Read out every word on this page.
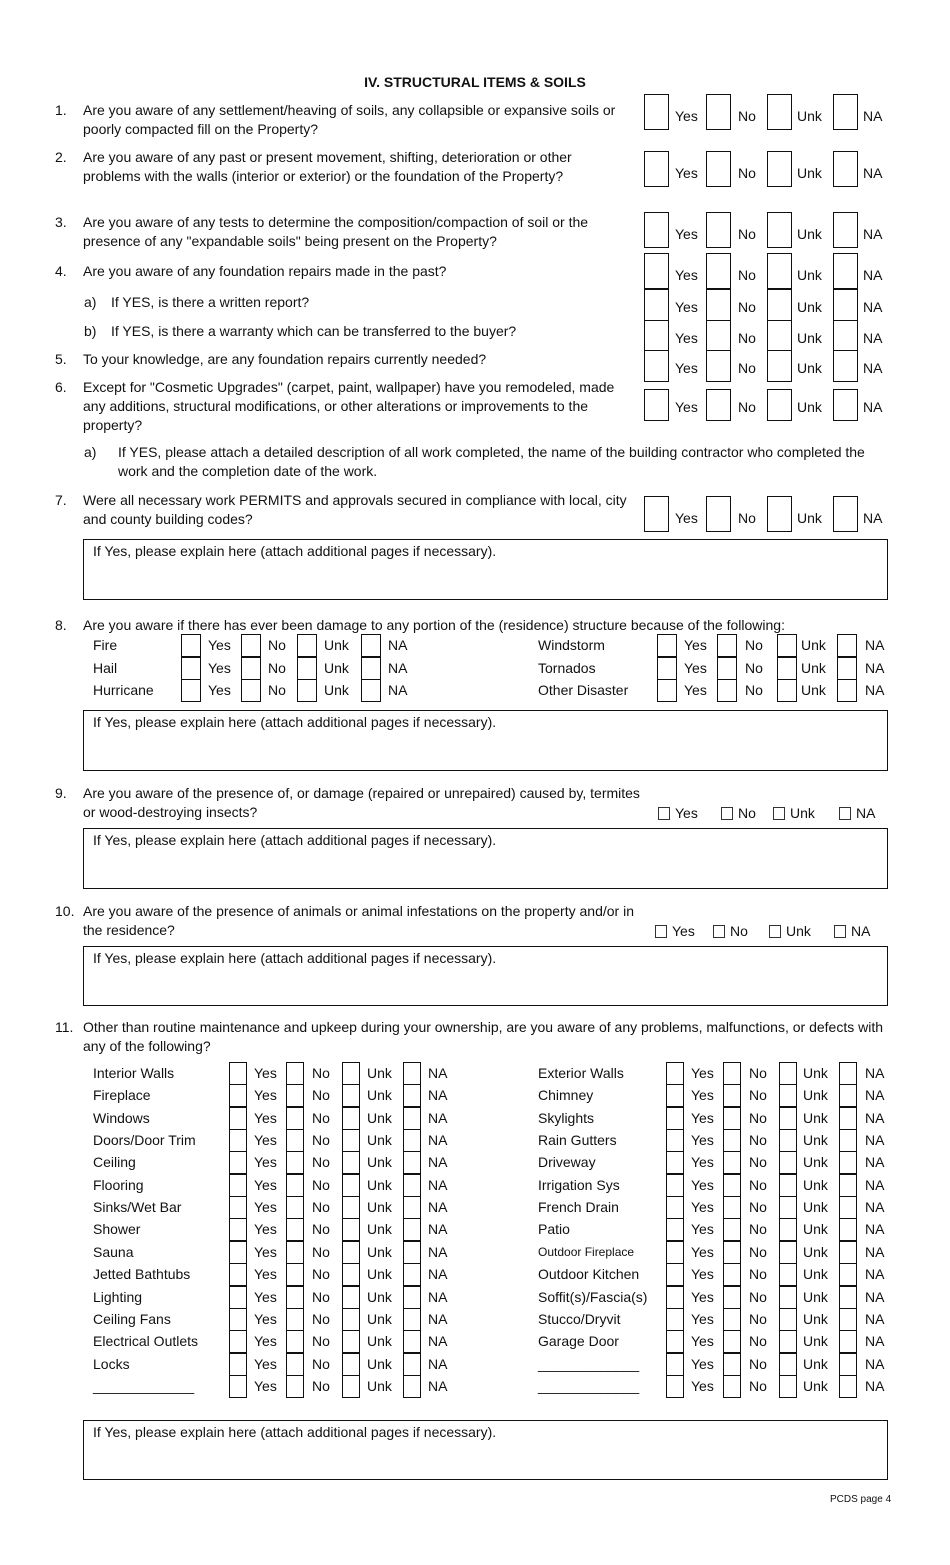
IV. STRUCTURAL ITEMS & SOILS
1. Are you aware of any settlement/heaving of soils, any collapsible or expansive soils or poorly compacted fill on the Property?
Yes	No	Unk	NA
2. Are you aware of any past or present movement, shifting, deterioration or other problems with the walls (interior or exterior) or the foundation of the Property?	Yes	No	Unk	NA
3. Are you aware of any tests to determine the composition/compaction of soil or the presence of any "expandable soils" being present on the Property?	Yes	No	Unk	NA
4. Are you aware of any foundation repairs made in the past?	Yes	No	Unk	NA
a) If YES, is there a written report?	Yes	No	Unk	NA
b) If YES, is there a warranty which can be transferred to the buyer?	Yes	No	Unk	NA
5. To your knowledge, are any foundation repairs currently needed?
Yes	No	Unk	NA
6. Except for "Cosmetic Upgrades" (carpet, paint, wallpaper) have you remodeled, made any additions, structural modifications, or other alterations or improvements to the property?
Yes	No	Unk	NA
7. Were all necessary work PERMITS and approvals secured in compliance with local, city and county building codes?	Yes	No	Unk	NA
a) If YES, please attach a detailed description of all work completed, the name of the building contractor who completed the work and the completion date of the work.
If Yes, please explain here (attach additional pages if necessary).
8. Are you aware if there has ever been damage to any portion of the (residence) structure because of the following:
Fire	Yes	No	Unk	NA
Hail	Yes	No	Unk	NA
Hurricane	Yes	No	Unk	NA
Windstorm	Yes	No	Unk	NA
Tornados	Yes	No	Unk	NA
Other Disaster	Yes	No	Unk	NA
If Yes, please explain here (attach additional pages if necessary).
9. Are you aware of the presence of, or damage (repaired or unrepaired) caused by, termites or wood-destroying insects?	Yes	No	Unk	NA
If Yes, please explain here (attach additional pages if necessary).
10. Are you aware of the presence of animals or animal infestations on the property and/or in the residence?	Yes	No	Unk	NA
If Yes, please explain here (attach additional pages if necessary).
11. Other than routine maintenance and upkeep during your ownership, are you aware of any problems, malfunctions, or defects with any of the following?
Interior Walls	Yes	No	Unk	NA
Fireplace	Yes	No	Unk	NA
Windows	Yes	No	Unk	NA
Doors/Door Trim	Yes	No	Unk	NA
Ceiling	Yes	No	Unk	NA
Flooring	Yes	No	Unk	NA
Sinks/Wet Bar	Yes	No	Unk	NA
Shower	Yes	No	Unk	NA
Sauna	Yes	No	Unk	NA
Jetted Bathtubs	Yes	No	Unk	NA
Lighting	Yes	No	Unk	NA
Ceiling Fans	Yes	No	Unk	NA
Electrical Outlets	Yes	No	Unk	NA
Locks	Yes	No	Unk	NA
_____________	Yes	No	Unk	NA
Exterior Walls	Yes	No	Unk	NA
Chimney	Yes	No	Unk	NA
Skylights	Yes	No	Unk	NA
Rain Gutters	Yes	No	Unk	NA
Driveway	Yes	No	Unk	NA
Irrigation Sys	Yes	No	Unk	NA
French Drain	Yes	No	Unk	NA
Patio	Yes	No	Unk	NA
Outdoor Fireplace	Yes	No	Unk	NA
Outdoor Kitchen	Yes	No	Unk	NA
Soffit(s)/Fascia(s)	Yes	No	Unk	NA
Stucco/Dryvit	Yes	No	Unk	NA
Garage Door	Yes	No	Unk	NA
_____________	Yes	No	Unk	NA
_____________	Yes	No	Unk	NA
If Yes, please explain here (attach additional pages if necessary).
PCDS page 4
